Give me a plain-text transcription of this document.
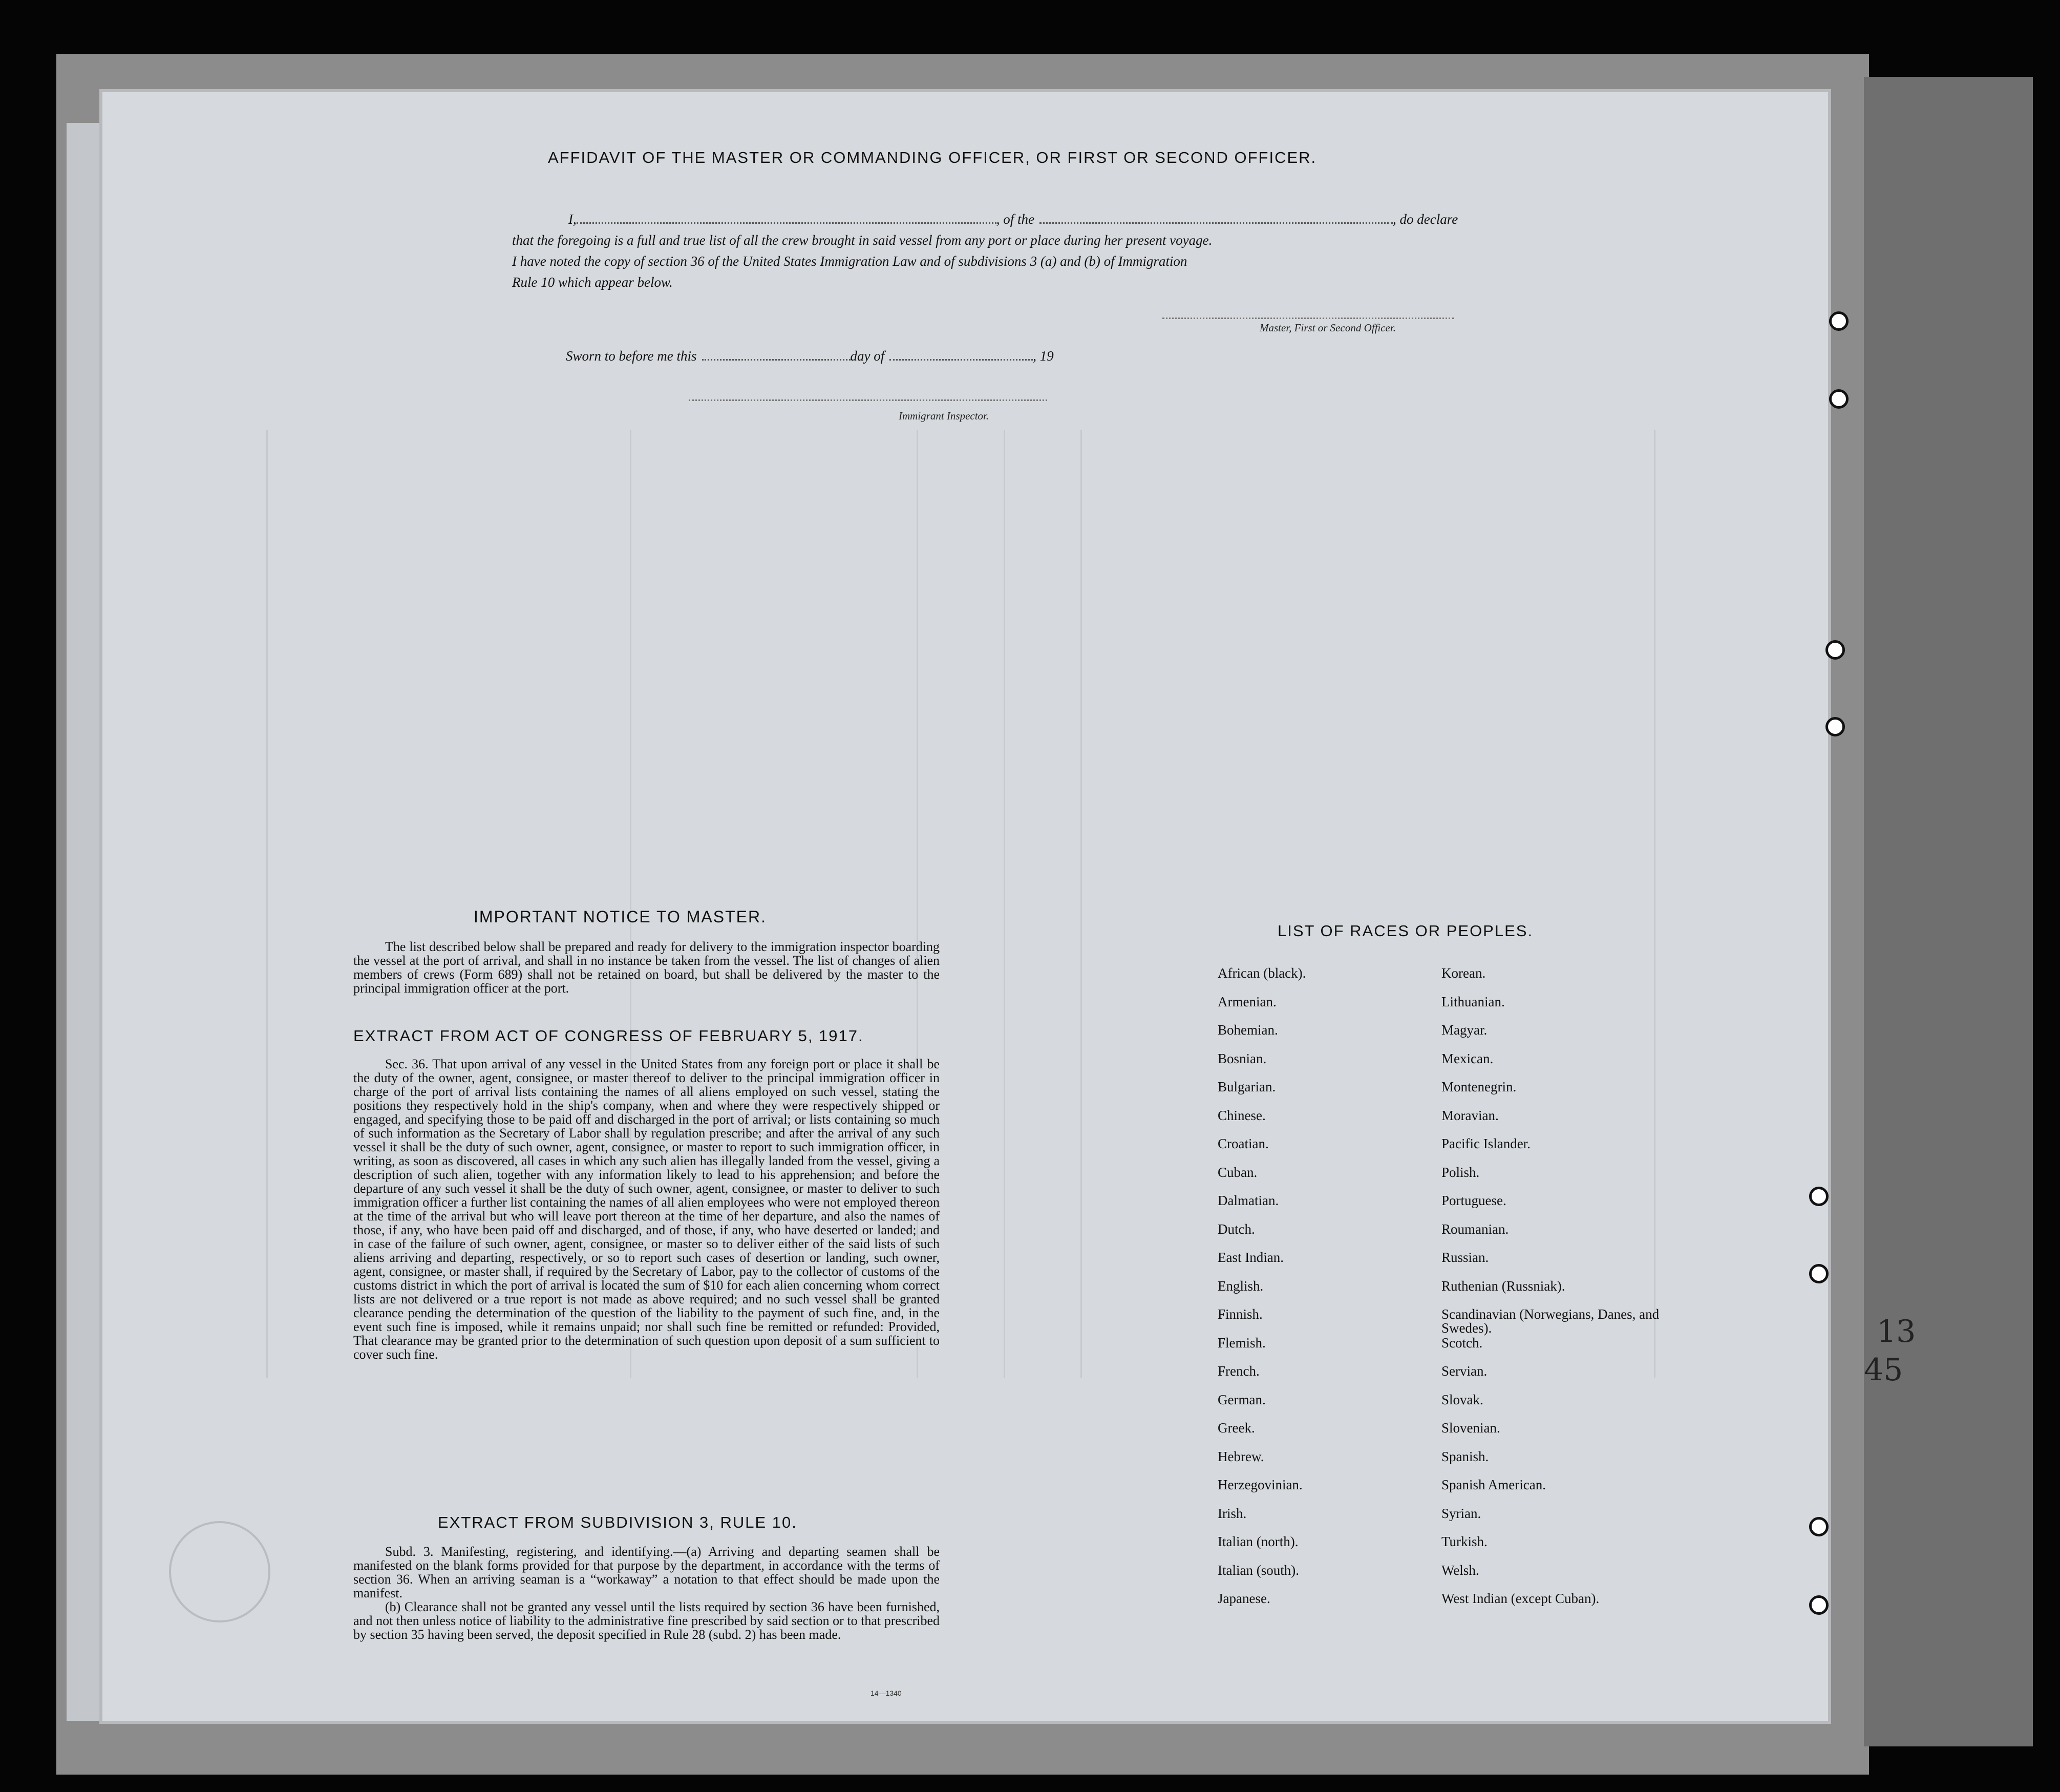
AFFIDAVIT OF THE MASTER OR COMMANDING OFFICER, OR FIRST OR SECOND OFFICER.
I,	, of the	, do declare
that the foregoing is a full and true list of all the crew brought in said vessel from any port or place during her present voyage.
I have noted the copy of section 36 of the United States Immigration Law and of subdivisions 3 (a) and (b) of Immigration
Rule 10 which appear below.
Master, First or Second Officer.
Sworn to before me this	day of	, 19
Immigrant Inspector.
IMPORTANT NOTICE TO MASTER.

The list described below shall be prepared and ready for delivery to the immigration inspector boarding the vessel at the port of arrival, and shall in no instance be taken from the vessel. The list of changes of alien members of crews (Form 689) shall not be retained on board, but shall be delivered by the master to the principal immigration officer at the port.

EXTRACT FROM ACT OF CONGRESS OF FEBRUARY 5, 1917.

Sec. 36. That upon arrival of any vessel in the United States from any foreign port or place it shall be the duty of the owner, agent, consignee, or master thereof to deliver to the principal immigration officer in charge of the port of arrival lists containing the names of all aliens employed on such vessel, stating the positions they respectively hold in the ship's company, when and where they were respectively shipped or engaged, and specifying those to be paid off and discharged in the port of arrival; or lists containing so much of such information as the Secretary of Labor shall by regulation prescribe; and after the arrival of any such vessel it shall be the duty of such owner, agent, consignee, or master to report to such immigration officer, in writing, as soon as discovered, all cases in which any such alien has illegally landed from the vessel, giving a description of such alien, together with any information likely to lead to his apprehension; and before the departure of any such vessel it shall be the duty of such owner, agent, consignee, or master to deliver to such immigration officer a further list containing the names of all alien employees who were not employed thereon at the time of the arrival but who will leave port thereon at the time of her departure, and also the names of those, if any, who have been paid off and discharged, and of those, if any, who have deserted or landed; and in case of the failure of such owner, agent, consignee, or master so to deliver either of the said lists of such aliens arriving and departing, respectively, or so to report such cases of desertion or landing, such owner, agent, consignee, or master shall, if required by the Secretary of Labor, pay to the collector of customs of the customs district in which the port of arrival is located the sum of $10 for each alien concerning whom correct lists are not delivered or a true report is not made as above required; and no such vessel shall be granted clearance pending the determination of the question of the liability to the payment of such fine, and, in the event such fine is imposed, while it remains unpaid; nor shall such fine be remitted or refunded: Provided, That clearance may be granted prior to the determination of such question upon deposit of a sum sufficient to cover such fine.

EXTRACT FROM SUBDIVISION 3, RULE 10.

Subd. 3. Manifesting, registering, and identifying.—(a) Arriving and departing seamen shall be manifested on the blank forms provided for that purpose by the department, in accordance with the terms of section 36. When an arriving seaman is a “workaway” a notation to that effect should be made upon the manifest.

(b) Clearance shall not be granted any vessel until the lists required by section 36 have been furnished, and not then unless notice of liability to the administrative fine prescribed by said section or to that prescribed by section 35 having been served, the deposit specified in Rule 28 (subd. 2) has been made.

14—1340
LIST OF RACES OR PEOPLES.
African (black).
Armenian.
Bohemian.
Bosnian.
Bulgarian.
Chinese.
Croatian.
Cuban.
Dalmatian.
Dutch.
East Indian.
English.
Finnish.
Flemish.
French.
German.
Greek.
Hebrew.
Herzegovinian.
Irish.
Italian (north).
Italian (south).
Japanese.
Korean.
Lithuanian.
Magyar.
Mexican.
Montenegrin.
Moravian.
Pacific Islander.
Polish.
Portuguese.
Roumanian.
Russian.
Ruthenian (Russniak).
Scandinavian (Norwegians, Danes, and Swedes).
Scotch.
Servian.
Slovak.
Slovenian.
Spanish.
Spanish American.
Syrian.
Turkish.
Welsh.
West Indian (except Cuban).
13
45
